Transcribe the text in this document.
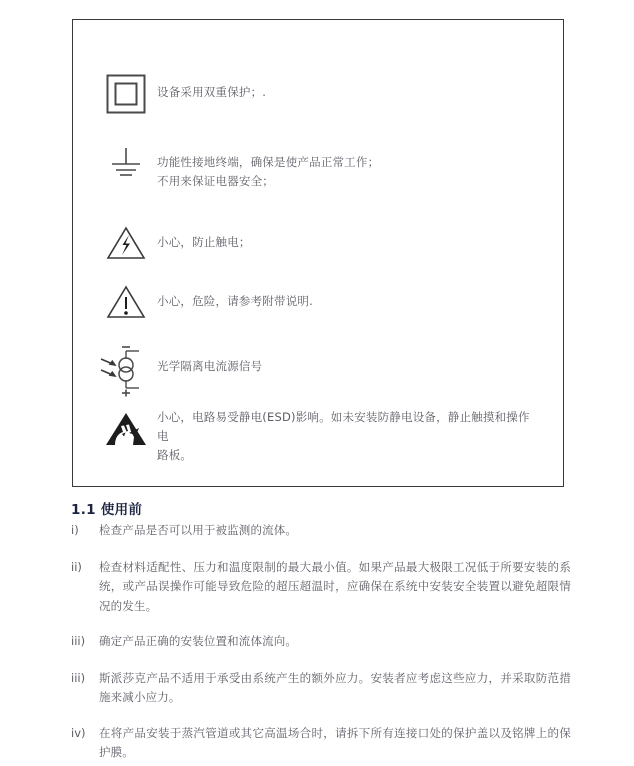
设备采用双重保护；.
功能性接地终端，确保是使产品正常工作；
不用来保证电器安全；
小心，防止触电；
小心，危险，请参考附带说明.
光学隔离电流源信号
小心，电路易受静电(ESD)影响。如未安装防静电设备，静止触摸和操作电
路板。
1.1 使用前
i)	检查产品是否可以用于被监测的流体。
ii)	检查材料适配性、压力和温度限制的最大最小值。如果产品最大极限工况低于所要安装的系统，或产品误操作可能导致危险的超压超温时，应确保在系统中安装安全装置以避免超限情况的发生。
iii)	确定产品正确的安装位置和流体流向。
iii)	斯派莎克产品不适用于承受由系统产生的额外应力。安装者应考虑这些应力，并采取防范措施来减小应力。
iv)	在将产品安装于蒸汽管道或其它高温场合时，请拆下所有连接口处的保护盖以及铭牌上的保护膜。
